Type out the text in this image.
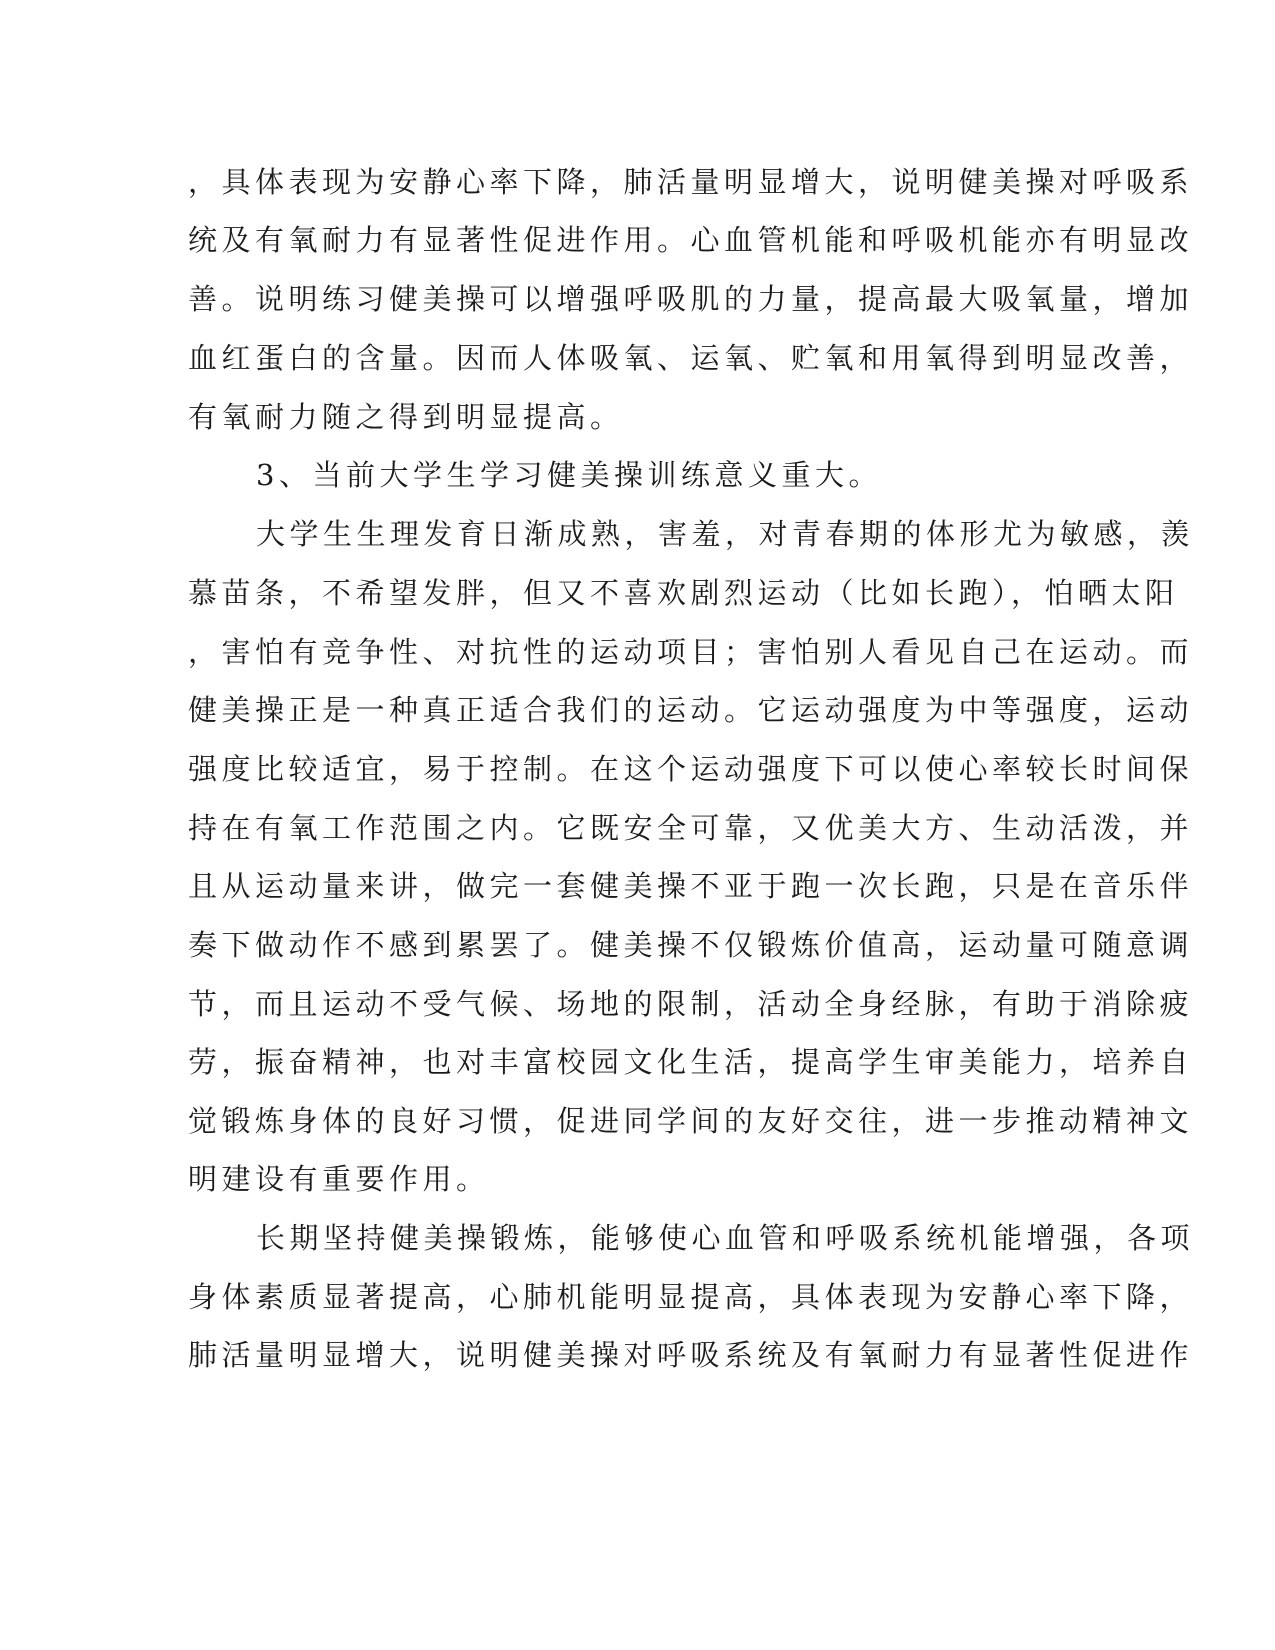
，具体表现为安静心率下降，肺活量明显增大，说明健美操对呼吸系

统及有氧耐力有显著性促进作用。心血管机能和呼吸机能亦有明显改

善。说明练习健美操可以增强呼吸肌的力量，提高最大吸氧量，增加

血红蛋白的含量。因而人体吸氧、运氧、贮氧和用氧得到明显改善，

有氧耐力随之得到明显提高。

3、当前大学生学习健美操训练意义重大。

大学生生理发育日渐成熟，害羞，对青春期的体形尤为敏感，羡

慕苗条，不希望发胖，但又不喜欢剧烈运动（比如长跑），怕晒太阳

，害怕有竞争性、对抗性的运动项目；害怕别人看见自己在运动。而

健美操正是一种真正适合我们的运动。它运动强度为中等强度，运动

强度比较适宜，易于控制。在这个运动强度下可以使心率较长时间保

持在有氧工作范围之内。它既安全可靠，又优美大方、生动活泼，并

且从运动量来讲，做完一套健美操不亚于跑一次长跑，只是在音乐伴

奏下做动作不感到累罢了。健美操不仅锻炼价值高，运动量可随意调

节，而且运动不受气候、场地的限制，活动全身经脉，有助于消除疲

劳，振奋精神，也对丰富校园文化生活，提高学生审美能力，培养自

觉锻炼身体的良好习惯，促进同学间的友好交往，进一步推动精神文

明建设有重要作用。

长期坚持健美操锻炼，能够使心血管和呼吸系统机能增强，各项

身体素质显著提高，心肺机能明显提高，具体表现为安静心率下降，

肺活量明显增大，说明健美操对呼吸系统及有氧耐力有显著性促进作
